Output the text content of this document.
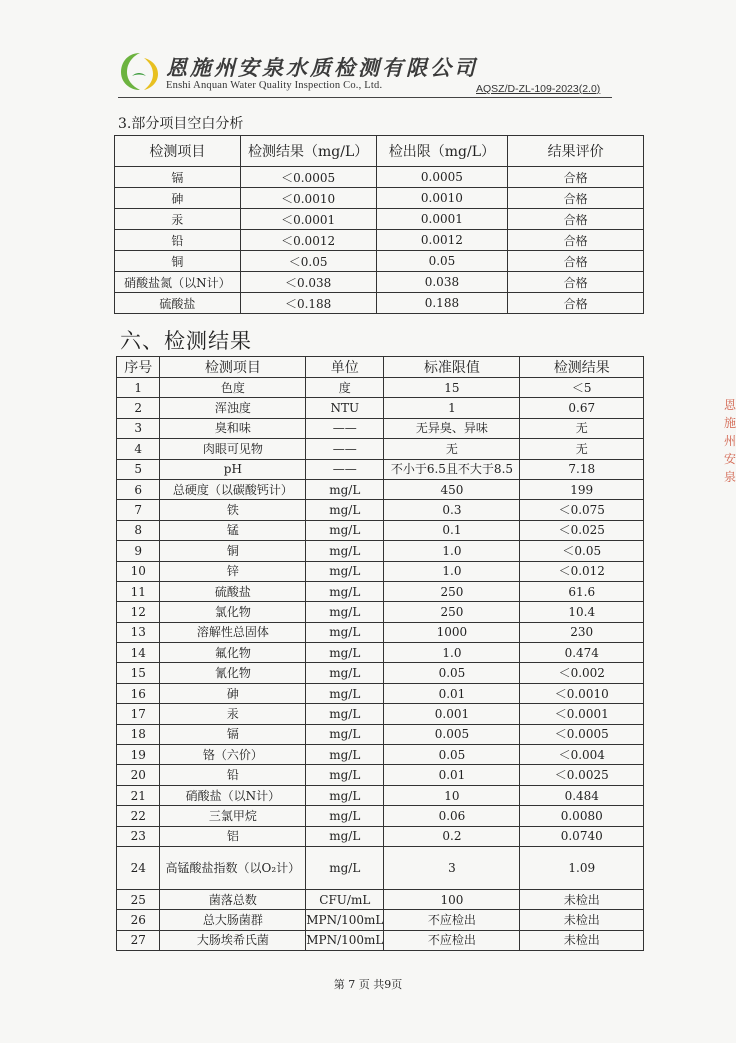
恩施州安泉水质检测有限公司
Enshi Anquan Water Quality Inspection Co., Ltd.	AQSZ/D-ZL-109-2023(2.0)
3.部分项目空白分析
检测项目	检测结果（mg/L）	检出限（mg/L）	结果评价
镉	＜0.0005	0.0005	合格
砷	＜0.0010	0.0010	合格
汞	＜0.0001	0.0001	合格
铅	＜0.0012	0.0012	合格
铜	＜0.05	0.05	合格
硝酸盐氮（以N计）	＜0.038	0.038	合格
硫酸盐	＜0.188	0.188	合格
六、检测结果
序号	检测项目	单位	标准限值	检测结果
1	色度	度	15	＜5
2	浑浊度	NTU	1	0.67
3	臭和味	——	无异臭、异味	无
4	肉眼可见物	——	无	无
5	pH	——	不小于6.5且不大于8.5	7.18
6	总硬度（以碳酸钙计）	mg/L	450	199
7	铁	mg/L	0.3	＜0.075
8	锰	mg/L	0.1	＜0.025
9	铜	mg/L	1.0	＜0.05
10	锌	mg/L	1.0	＜0.012
11	硫酸盐	mg/L	250	61.6
12	氯化物	mg/L	250	10.4
13	溶解性总固体	mg/L	1000	230
14	氟化物	mg/L	1.0	0.474
15	氰化物	mg/L	0.05	＜0.002
16	砷	mg/L	0.01	＜0.0010
17	汞	mg/L	0.001	＜0.0001
18	镉	mg/L	0.005	＜0.0005
19	铬（六价）	mg/L	0.05	＜0.004
20	铅	mg/L	0.01	＜0.0025
21	硝酸盐（以N计）	mg/L	10	0.484
22	三氯甲烷	mg/L	0.06	0.0080
23	铝	mg/L	0.2	0.0740
24	高锰酸盐指数（以O₂计）	mg/L	3	1.09
25	菌落总数	CFU/mL	100	未检出
26	总大肠菌群	MPN/100mL	不应检出	未检出
27	大肠埃希氏菌	MPN/100mL	不应检出	未检出
第 7 页 共9页
恩施州安泉
